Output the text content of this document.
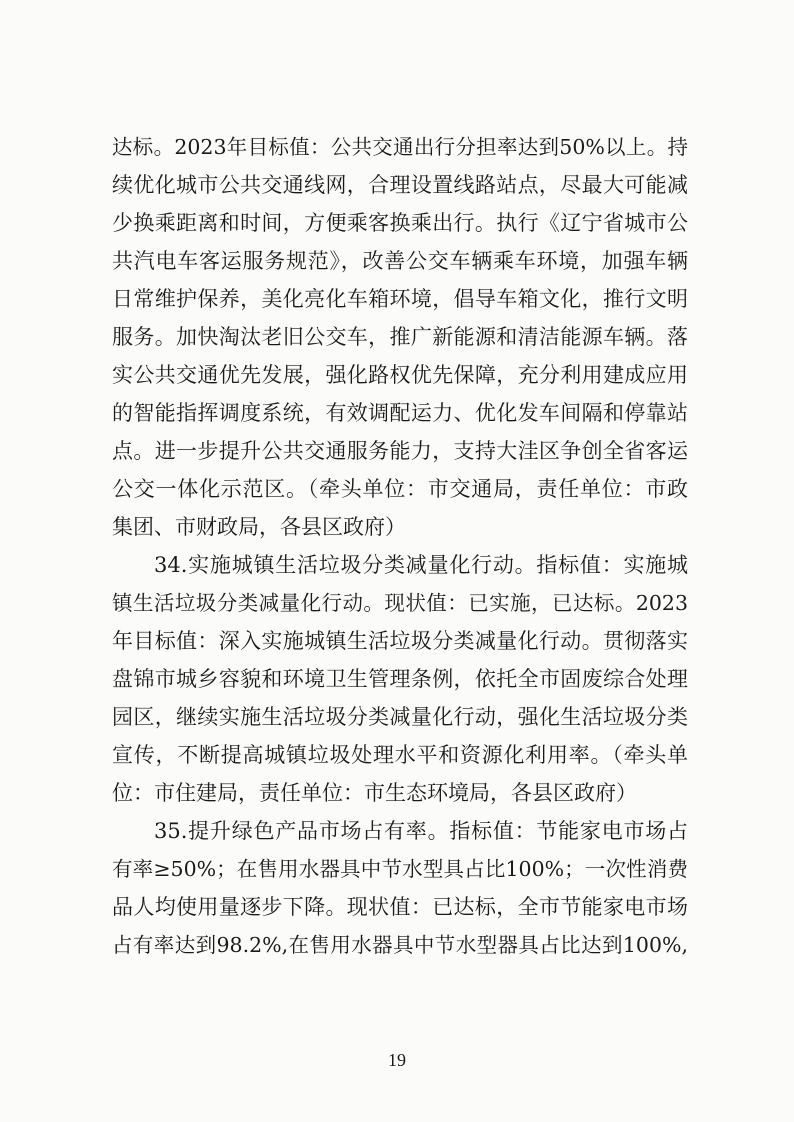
达标。2023年目标值：公共交通出行分担率达到50%以上。持
续优化城市公共交通线网，合理设置线路站点，尽最大可能减
少换乘距离和时间，方便乘客换乘出行。执行《辽宁省城市公
共汽电车客运服务规范》，改善公交车辆乘车环境，加强车辆
日常维护保养，美化亮化车箱环境，倡导车箱文化，推行文明
服务。加快淘汰老旧公交车，推广新能源和清洁能源车辆。落
实公共交通优先发展，强化路权优先保障，充分利用建成应用
的智能指挥调度系统，有效调配运力、优化发车间隔和停靠站
点。进一步提升公共交通服务能力，支持大洼区争创全省客运
公交一体化示范区。（牵头单位：市交通局，责任单位：市政
集团、市财政局，各县区政府）
34.实施城镇生活垃圾分类减量化行动。指标值：实施城
镇生活垃圾分类减量化行动。现状值：已实施，已达标。2023
年目标值：深入实施城镇生活垃圾分类减量化行动。贯彻落实
盘锦市城乡容貌和环境卫生管理条例，依托全市固废综合处理
园区，继续实施生活垃圾分类减量化行动，强化生活垃圾分类
宣传，不断提高城镇垃圾处理水平和资源化利用率。（牵头单
位：市住建局，责任单位：市生态环境局，各县区政府）
35.提升绿色产品市场占有率。指标值：节能家电市场占
有率≥50%；在售用水器具中节水型具占比100%；一次性消费
品人均使用量逐步下降。现状值：已达标，全市节能家电市场
占有率达到98.2%,在售用水器具中节水型器具占比达到100%,
19
